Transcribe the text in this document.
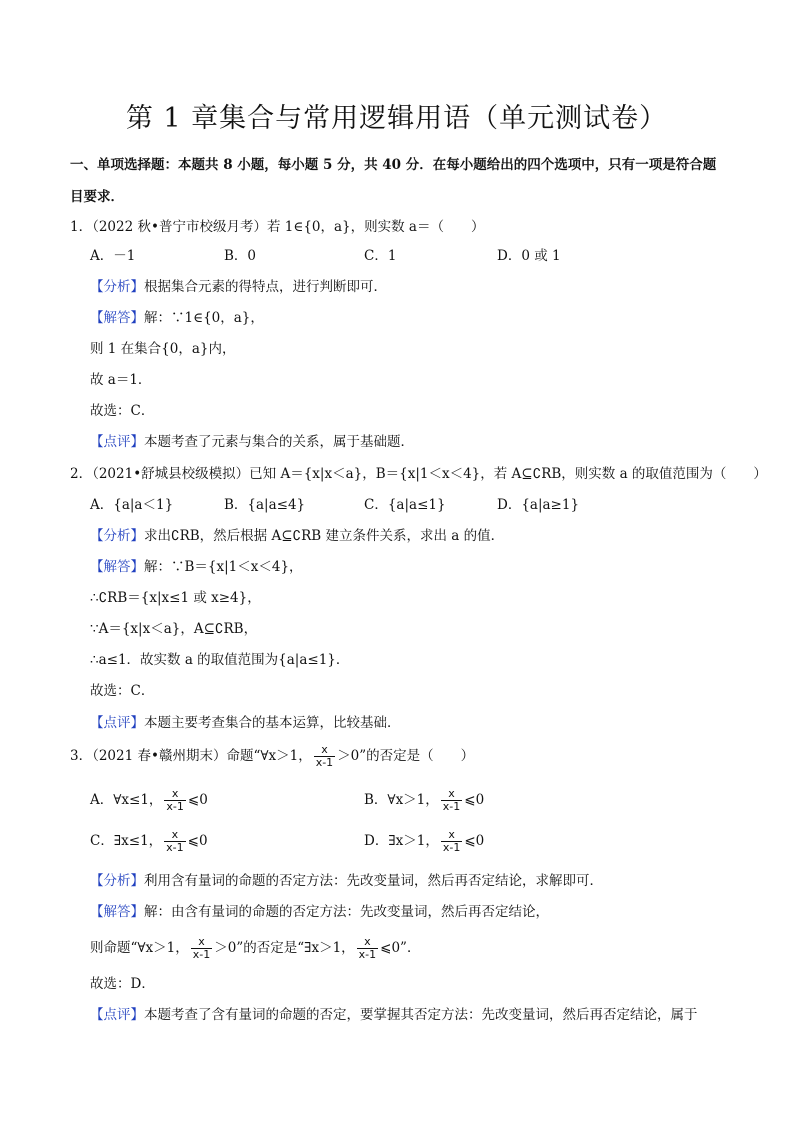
第 1 章集合与常用逻辑用语（单元测试卷）
一、单项选择题：本题共 8 小题，每小题 5 分，共 40 分．在每小题给出的四个选项中，只有一项是符合题
目要求．
1．（2022 秋•普宁市校级月考）若 1∈{0，a}，则实数 a＝（　　）
A．－1	B．0	C．1	D．0 或 1
【分析】根据集合元素的得特点，进行判断即可．
【解答】解：∵1∈{0，a}，
则 1 在集合{0，a}内，
故 a＝1．
故选：C．
【点评】本题考查了元素与集合的关系，属于基础题．
2．（2021•舒城县校级模拟）已知 A＝{x|x＜a}，B＝{x|1＜x＜4}，若 A⊆∁RB，则实数 a 的取值范围为（　　）
A．{a|a＜1}	B．{a|a≤4}	C．{a|a≤1}	D．{a|a≥1}
【分析】求出∁RB，然后根据 A⊆∁RB 建立条件关系，求出 a 的值．
【解答】解：∵B＝{x|1＜x＜4}，
∴∁RB＝{x|x≤1 或 x≥4}，
∵A＝{x|x＜a}，A⊆∁RB，
∴a≤1．故实数 a 的取值范围为{a|a≤1}．
故选：C．
【点评】本题主要考查集合的基本运算，比较基础．
3．（2021 春•赣州期末）命题“∀x＞1， $\frac{x}{x-1} >0$”的否定是（　　）
A．∀x≤1， $\frac{x}{x-1}$ ⩽0	B．∀x＞1， $\frac{x}{x-1}$ ⩽0
C．∃x≤1， $\frac{x}{x-1}$ ⩽0	D．∃x＞1， $\frac{x}{x-1}$ ⩽0
【分析】利用含有量词的命题的否定方法：先改变量词，然后再否定结论，求解即可．
【解答】解：由含有量词的命题的否定方法：先改变量词，然后再否定结论，
则命题“∀x＞1， $\frac{x}{x-1} >0$”的否定是“∃x＞1， $\frac{x}{x-1}$ ⩽0”．
故选：D．
【点评】本题考查了含有量词的命题的否定，要掌握其否定方法：先改变量词，然后再否定结论，属于
